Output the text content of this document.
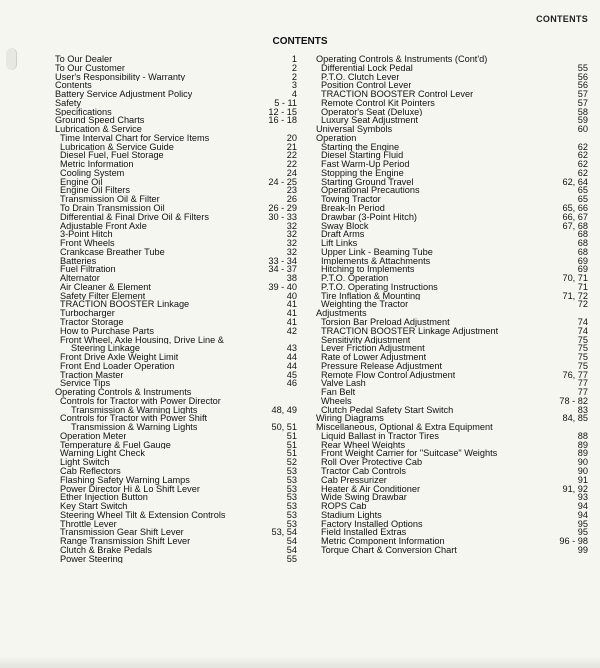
CONTENTS
CONTENTS
To Our Dealer	1
To Our Customer	2
User's Responsibility - Warranty	2
Contents	3
Battery Service Adjustment Policy	4
Safety	5 - 11
Specifications	12 - 15
Ground Speed Charts	16 - 18
Lubrication & Service
Time Interval Chart for Service Items	20
Lubrication & Service Guide	21
Diesel Fuel, Fuel Storage	22
Metric Information	22
Cooling System	24
Engine Oil	24 - 25
Engine Oil Filters	23
Transmission Oil & Filter	26
To Drain Transmission Oil	26 - 29
Differential & Final Drive Oil & Filters	30 - 33
Adjustable Front Axle	32
3-Point Hitch	32
Front Wheels	32
Crankcase Breather Tube	32
Batteries	33 - 34
Fuel Filtration	34 - 37
Alternator	38
Air Cleaner & Element	39 - 40
Safety Filter Element	40
TRACTION BOOSTER Linkage	41
Turbocharger	41
Tractor Storage	41
How to Purchase Parts	42
Front Wheel, Axle Housing, Drive Line &
Steering Linkage	43
Front Drive Axle Weight Limit	44
Front End Loader Operation	44
Traction Master	45
Service Tips	46
Operating Controls & Instruments
Controls for Tractor with Power Director
Transmission & Warning Lights	48, 49
Controls for Tractor with Power Shift
Transmission & Warning Lights	50, 51
Operation Meter	51
Temperature & Fuel Gauge	51
Warning Light Check	51
Light Switch	52
Cab Reflectors	53
Flashing Safety Warning Lamps	53
Power Director Hi & Lo Shift Lever	53
Ether Injection Button	53
Key Start Switch	53
Steering Wheel Tilt & Extension Controls	53
Throttle Lever	53
Transmission Gear Shift Lever	53, 54
Range Transmission Shift Lever	54
Clutch & Brake Pedals	54
Power Steering	55
Operating Controls & Instruments (Cont'd)
Differential Lock Pedal	55
P.T.O. Clutch Lever	56
Position Control Lever	56
TRACTION BOOSTER Control Lever	57
Remote Control Kit Pointers	57
Operator's Seat (Deluxe)	58
Luxury Seat Adjustment	59
Universal Symbols	60
Operation
Starting the Engine	62
Diesel Starting Fluid	62
Fast Warm-Up Period	62
Stopping the Engine	62
Starting Ground Travel	62, 64
Operational Precautions	65
Towing Tractor	65
Break-In Period	65, 66
Drawbar (3-Point Hitch)	66, 67
Sway Block	67, 68
Draft Arms	68
Lift Links	68
Upper Link - Beaming Tube	68
Implements & Attachments	69
Hitching to Implements	69
P.T.O. Operation	70, 71
P.T.O. Operating Instructions	71
Tire Inflation & Mounting	71, 72
Weighting the Tractor	72
Adjustments
Torsion Bar Preload Adjustment	74
TRACTION BOOSTER Linkage Adjustment	74
Sensitivity Adjustment	75
Lever Friction Adjustment	75
Rate of Lower Adjustment	75
Pressure Release Adjustment	75
Remote Flow Control Adjustment	76, 77
Valve Lash	77
Fan Belt	77
Wheels	78 - 82
Clutch Pedal Safety Start Switch	83
Wiring Diagrams	84, 85
Miscellaneous, Optional & Extra Equipment
Liquid Ballast in Tractor Tires	88
Rear Wheel Weights	89
Front Weight Carrier for "Suitcase" Weights	89
Roll Over Protective Cab	90
Tractor Cab Controls	90
Cab Pressurizer	91
Heater & Air Conditioner	91, 92
Wide Swing Drawbar	93
ROPS Cab	94
Stadium Lights	94
Factory Installed Options	95
Field Installed Extras	95
Metric Component Information	96 - 98
Torque Chart & Conversion Chart	99
